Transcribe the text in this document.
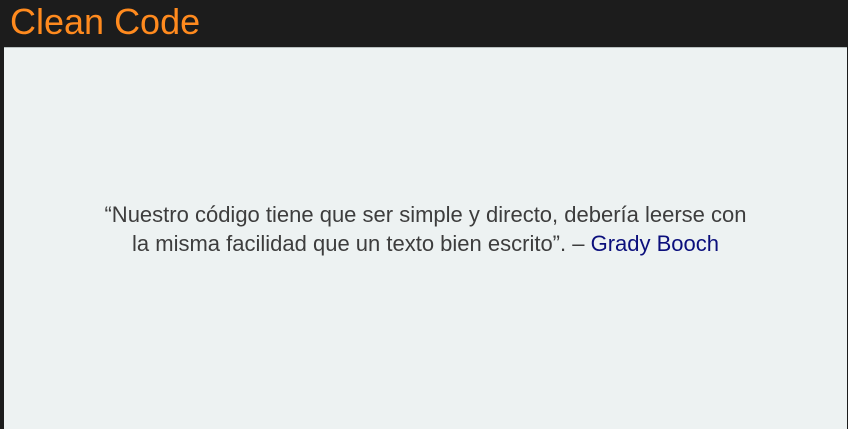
Clean Code
“Nuestro código tiene que ser simple y directo, debería leerse con
la misma facilidad que un texto bien escrito”. – Grady Booch
